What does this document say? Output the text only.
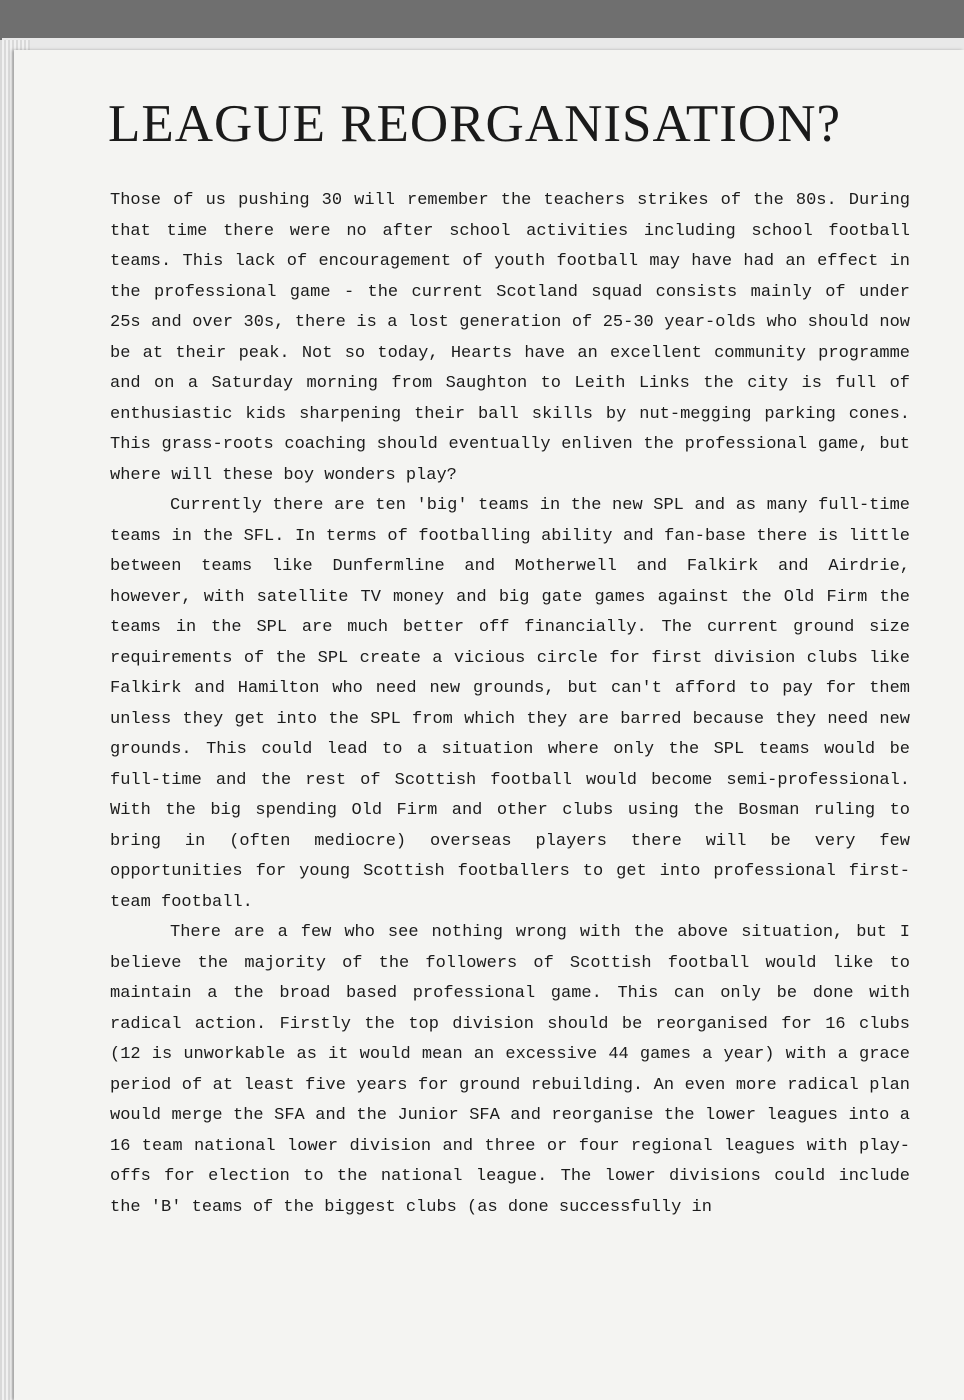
LEAGUE REORGANISATION?

Those of us pushing 30 will remember the teachers strikes of the 80s. During that time there were no after school activities including school football teams. This lack of encouragement of youth football may have had an effect in the professional game - the current Scotland squad consists mainly of under 25s and over 30s, there is a lost generation of 25-30 year-olds who should now be at their peak. Not so today, Hearts have an excellent community programme and on a Saturday morning from Saughton to Leith Links the city is full of enthusiastic kids sharpening their ball skills by nut-megging parking cones. This grass-roots coaching should eventually enliven the professional game, but where will these boy wonders play?

Currently there are ten 'big' teams in the new SPL and as many full-time teams in the SFL. In terms of footballing ability and fan-base there is little between teams like Dunfermline and Motherwell and Falkirk and Airdrie, however, with satellite TV money and big gate games against the Old Firm the teams in the SPL are much better off financially. The current ground size requirements of the SPL create a vicious circle for first division clubs like Falkirk and Hamilton who need new grounds, but can't afford to pay for them unless they get into the SPL from which they are barred because they need new grounds. This could lead to a situation where only the SPL teams would be full-time and the rest of Scottish football would become semi-professional. With the big spending Old Firm and other clubs using the Bosman ruling to bring in (often mediocre) overseas players there will be very few opportunities for young Scottish footballers to get into professional first-team football.

There are a few who see nothing wrong with the above situation, but I believe the majority of the followers of Scottish football would like to maintain a the broad based professional game. This can only be done with radical action. Firstly the top division should be reorganised for 16 clubs (12 is unworkable as it would mean an excessive 44 games a year) with a grace period of at least five years for ground rebuilding. An even more radical plan would merge the SFA and the Junior SFA and reorganise the lower leagues into a 16 team national lower division and three or four regional leagues with play-offs for election to the national league. The lower divisions could include the 'B' teams of the biggest clubs (as done successfully in
